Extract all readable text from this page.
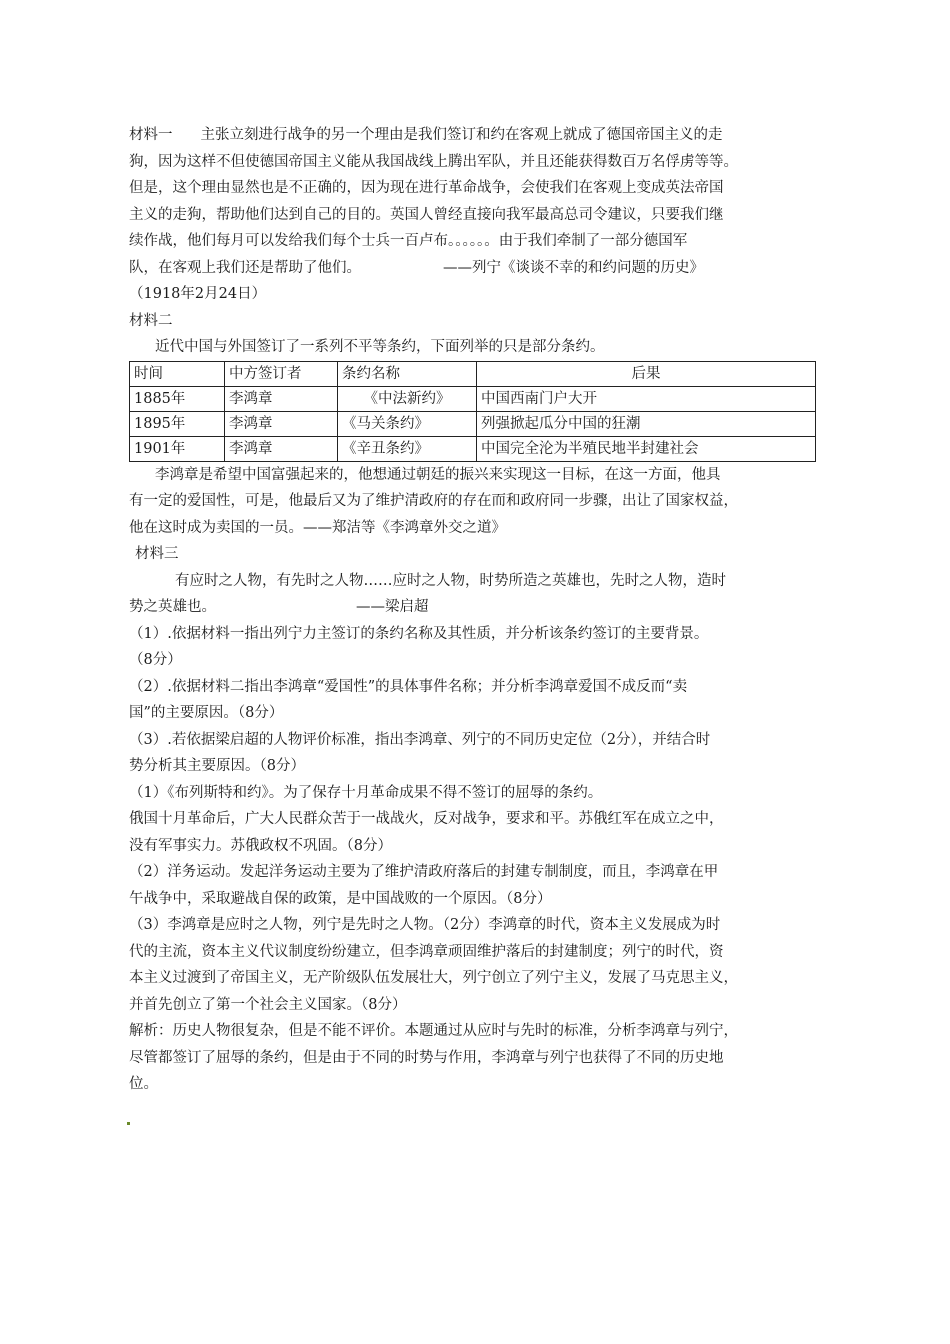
材料一 主张立刻进行战争的另一个理由是我们签订和约在客观上就成了德国帝国主义的走
狗，因为这样不但使德国帝国主义能从我国战线上腾出军队，并且还能获得数百万名俘虏等等。
但是，这个理由显然也是不正确的，因为现在进行革命战争，会使我们在客观上变成英法帝国
主义的走狗，帮助他们达到自己的目的。英国人曾经直接向我军最高总司令建议，只要我们继
续作战，他们每月可以发给我们每个士兵一百卢布。。。。。。由于我们牵制了一部分德国军
队，在客观上我们还是帮助了他们。	——列宁《谈谈不幸的和约问题的历史》
（1918年2月24日）
材料二
近代中国与外国签订了一系列不平等条约，下面列举的只是部分条约。
时间	中方签订者	条约名称	后果
1885年	李鸿章	《中法新约》	中国西南门户大开
1895年	李鸿章	《马关条约》	列强掀起瓜分中国的狂潮
1901年	李鸿章	《辛丑条约》	中国完全沦为半殖民地半封建社会
李鸿章是希望中国富强起来的，他想通过朝廷的振兴来实现这一目标，在这一方面，他具
有一定的爱国性，可是，他最后又为了维护清政府的存在而和政府同一步骤，出让了国家权益，
他在这时成为卖国的一员。——郑洁等《李鸿章外交之道》
材料三
有应时之人物，有先时之人物……应时之人物，时势所造之英雄也，先时之人物，造时
势之英雄也。	——梁启超
（1）.依据材料一指出列宁力主签订的条约名称及其性质，并分析该条约签订的主要背景。
（8分）
（2）.依据材料二指出李鸿章“爱国性”的具体事件名称；并分析李鸿章爱国不成反而“卖
国”的主要原因。（8分）
（3）.若依据梁启超的人物评价标准，指出李鸿章、列宁的不同历史定位（2分），并结合时
势分析其主要原因。（8分）
（1）《布列斯特和约》。为了保存十月革命成果不得不签订的屈辱的条约。
俄国十月革命后，广大人民群众苦于一战战火，反对战争，要求和平。苏俄红军在成立之中，
没有军事实力。苏俄政权不巩固。（8分）
（2）洋务运动。发起洋务运动主要为了维护清政府落后的封建专制制度，而且，李鸿章在甲
午战争中，采取避战自保的政策，是中国战败的一个原因。（8分）
（3）李鸿章是应时之人物，列宁是先时之人物。（2分）李鸿章的时代，资本主义发展成为时
代的主流，资本主义代议制度纷纷建立，但李鸿章顽固维护落后的封建制度；列宁的时代，资
本主义过渡到了帝国主义，无产阶级队伍发展壮大，列宁创立了列宁主义，发展了马克思主义，
并首先创立了第一个社会主义国家。（8分）
解析：历史人物很复杂，但是不能不评价。本题通过从应时与先时的标准，分析李鸿章与列宁，
尽管都签订了屈辱的条约，但是由于不同的时势与作用，李鸿章与列宁也获得了不同的历史地
位。
